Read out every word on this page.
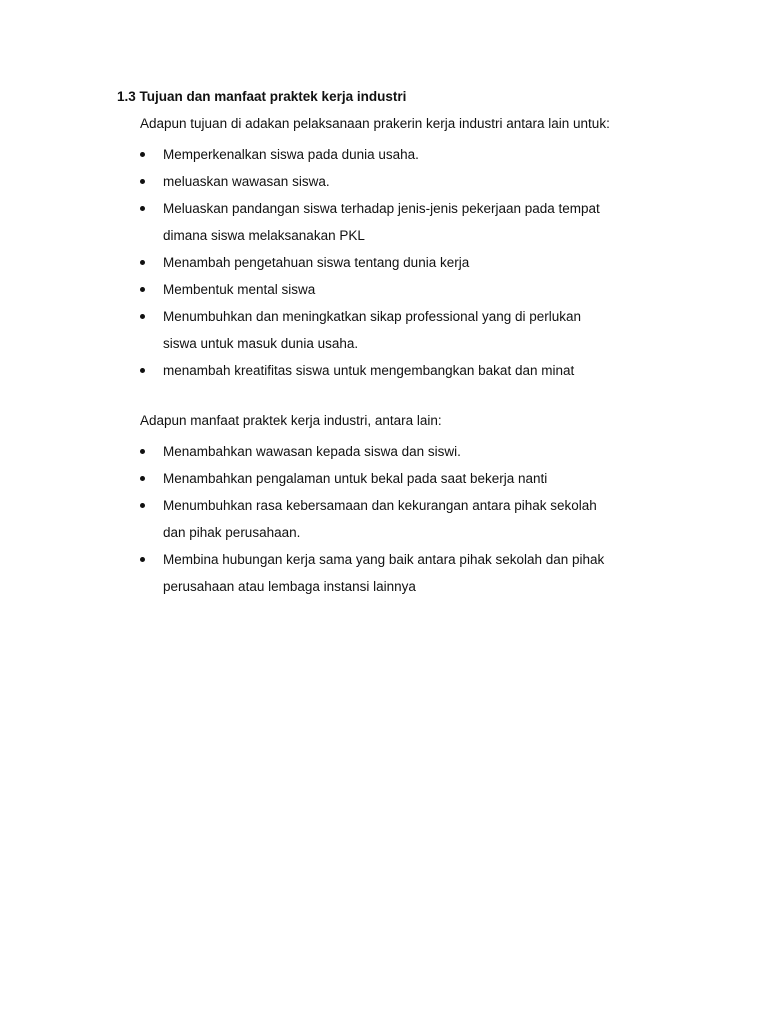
1.3 Tujuan dan manfaat praktek kerja industri
Adapun tujuan di adakan pelaksanaan prakerin kerja industri antara lain untuk:
Memperkenalkan siswa pada dunia usaha.
meluaskan wawasan siswa.
Meluaskan pandangan siswa terhadap jenis-jenis pekerjaan pada tempat
dimana siswa melaksanakan PKL
Menambah pengetahuan siswa tentang dunia kerja
Membentuk mental siswa
Menumbuhkan dan meningkatkan sikap professional yang di perlukan
siswa untuk masuk dunia usaha.
menambah kreatifitas siswa untuk mengembangkan bakat dan minat
Adapun manfaat praktek kerja industri, antara lain:
Menambahkan wawasan kepada siswa dan siswi.
Menambahkan pengalaman untuk bekal pada saat bekerja nanti
Menumbuhkan rasa kebersamaan dan kekurangan antara pihak sekolah
dan pihak perusahaan.
Membina hubungan kerja sama yang baik antara pihak sekolah dan pihak
perusahaan atau lembaga instansi lainnya
